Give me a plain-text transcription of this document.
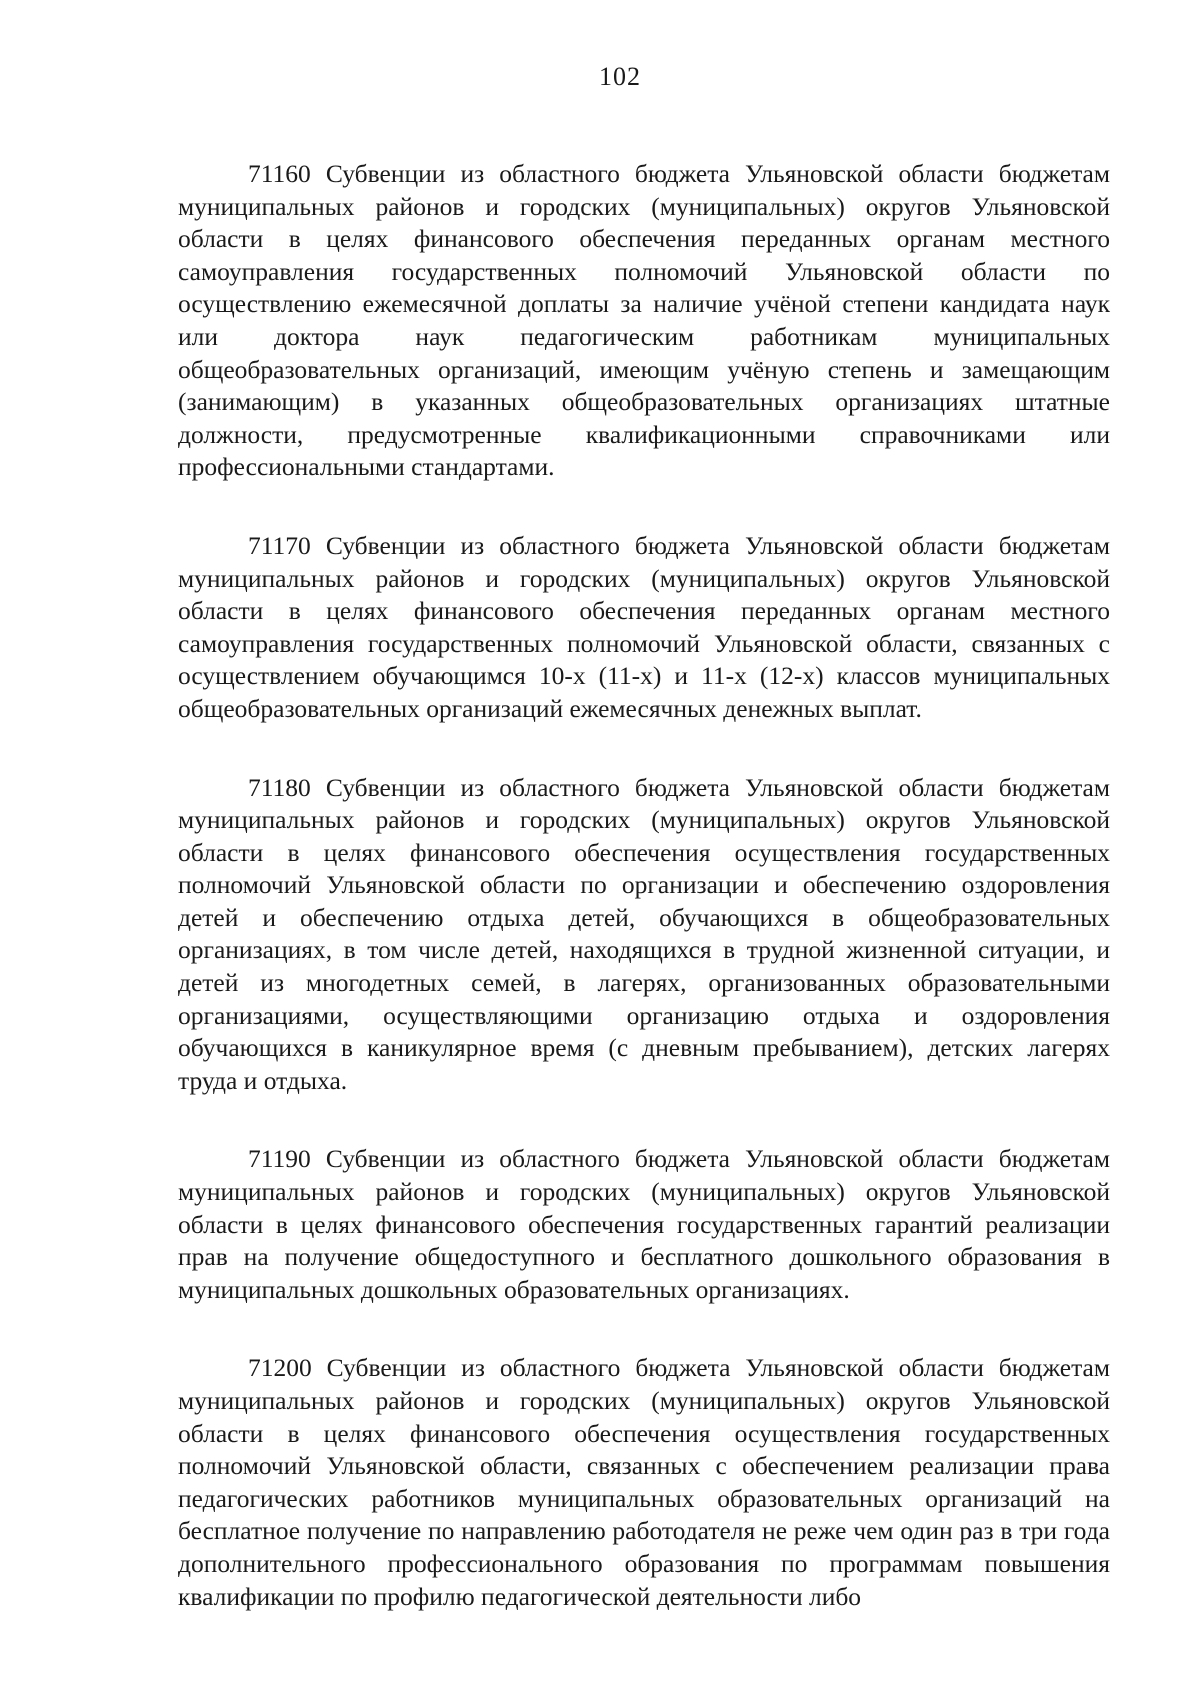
102

71160 Субвенции из областного бюджета Ульяновской области бюджетам муниципальных районов и городских (муниципальных) округов Ульяновской области в целях финансового обеспечения переданных органам местного самоуправления государственных полномочий Ульяновской области по осуществлению ежемесячной доплаты за наличие учёной степени кандидата наук или доктора наук педагогическим работникам муниципальных общеобразовательных организаций, имеющим учёную степень и замещающим (занимающим) в указанных общеобразовательных организациях штатные должности, предусмотренные квалификационными справочниками или профессиональными стандартами.

71170 Субвенции из областного бюджета Ульяновской области бюджетам муниципальных районов и городских (муниципальных) округов Ульяновской области в целях финансового обеспечения переданных органам местного самоуправления государственных полномочий Ульяновской области, связанных с осуществлением обучающимся 10-х (11-х) и 11-х (12-х) классов муниципальных общеобразовательных организаций ежемесячных денежных выплат.

71180 Субвенции из областного бюджета Ульяновской области бюджетам муниципальных районов и городских (муниципальных) округов Ульяновской области в целях финансового обеспечения осуществления государственных полномочий Ульяновской области по организации и обеспечению оздоровления детей и обеспечению отдыха детей, обучающихся в общеобразовательных организациях, в том числе детей, находящихся в трудной жизненной ситуации, и детей из многодетных семей, в лагерях, организованных образовательными организациями, осуществляющими организацию отдыха и оздоровления обучающихся в каникулярное время (с дневным пребыванием), детских лагерях труда и отдыха.

71190 Субвенции из областного бюджета Ульяновской области бюджетам муниципальных районов и городских (муниципальных) округов Ульяновской области в целях финансового обеспечения государственных гарантий реализации прав на получение общедоступного и бесплатного дошкольного образования в муниципальных дошкольных образовательных организациях.

71200 Субвенции из областного бюджета Ульяновской области бюджетам муниципальных районов и городских (муниципальных) округов Ульяновской области в целях финансового обеспечения осуществления государственных полномочий Ульяновской области, связанных с обеспечением реализации права педагогических работников муниципальных образовательных организаций на бесплатное получение по направлению работодателя не реже чем один раз в три года дополнительного профессионального образования по программам повышения квалификации по профилю педагогической деятельности либо
